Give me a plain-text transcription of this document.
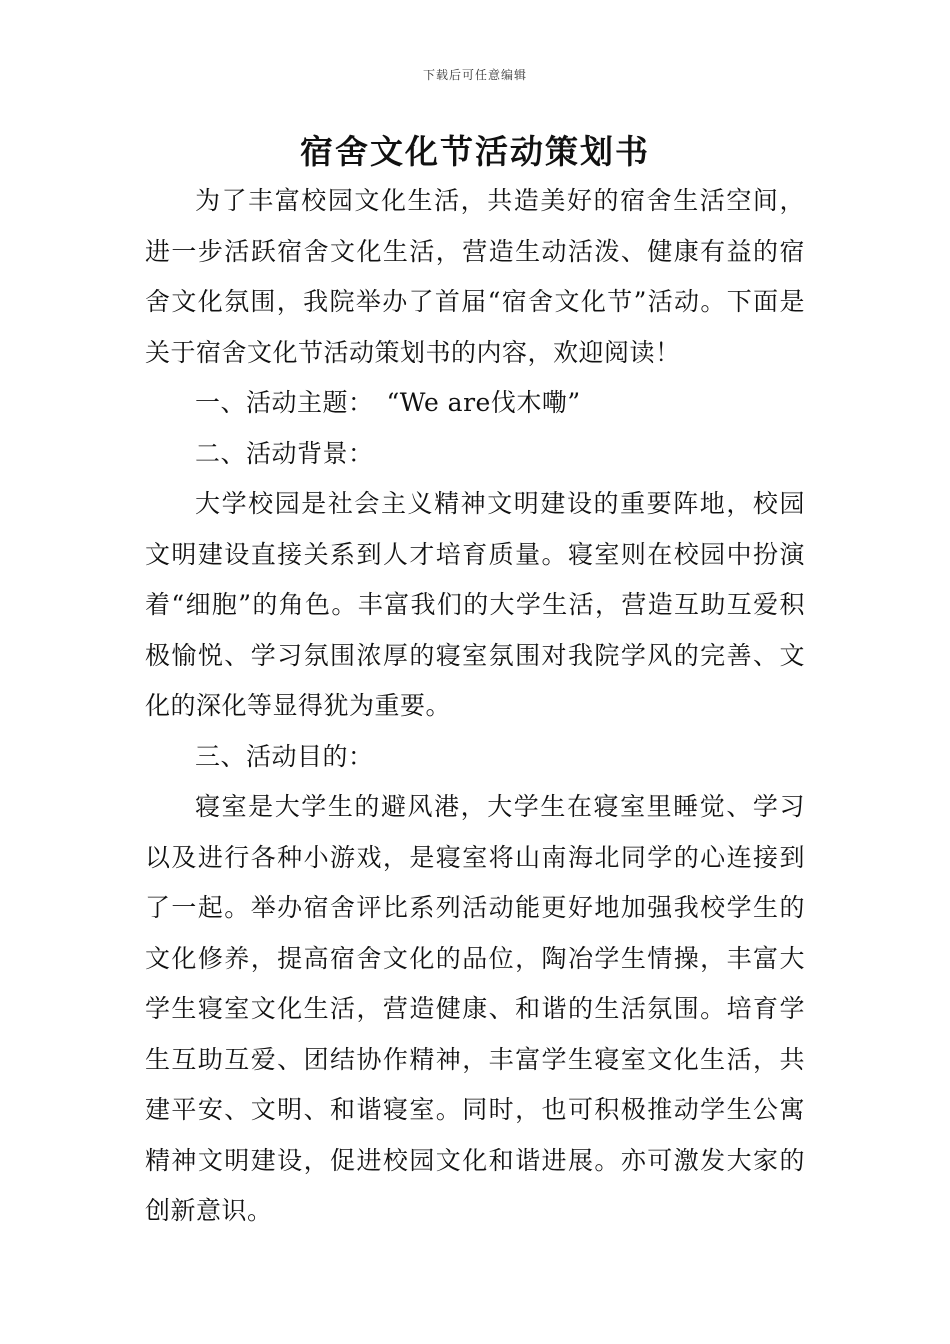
下载后可任意编辑
宿舍文化节活动策划书

为了丰富校园文化生活，共造美好的宿舍生活空间，进一步活跃宿舍文化生活，营造生动活泼、健康有益的宿舍文化氛围，我院举办了首届“宿舍文化节”活动。下面是关于宿舍文化节活动策划书的内容，欢迎阅读！

一、活动主题：　“We are伐木嘞”

二、活动背景：

大学校园是社会主义精神文明建设的重要阵地，校园文明建设直接关系到人才培育质量。寝室则在校园中扮演着“细胞”的角色。丰富我们的大学生活，营造互助互爱积极愉悦、学习氛围浓厚的寝室氛围对我院学风的完善、文化的深化等显得犹为重要。

三、活动目的：

寝室是大学生的避风港，大学生在寝室里睡觉、学习以及进行各种小游戏，是寝室将山南海北同学的心连接到了一起。举办宿舍评比系列活动能更好地加强我校学生的文化修养，提高宿舍文化的品位，陶冶学生情操，丰富大学生寝室文化生活，营造健康、和谐的生活氛围。培育学生互助互爱、团结协作精神，丰富学生寝室文化生活，共建平安、文明、和谐寝室。同时，也可积极推动学生公寓精神文明建设，促进校园文化和谐进展。亦可激发大家的创新意识。
